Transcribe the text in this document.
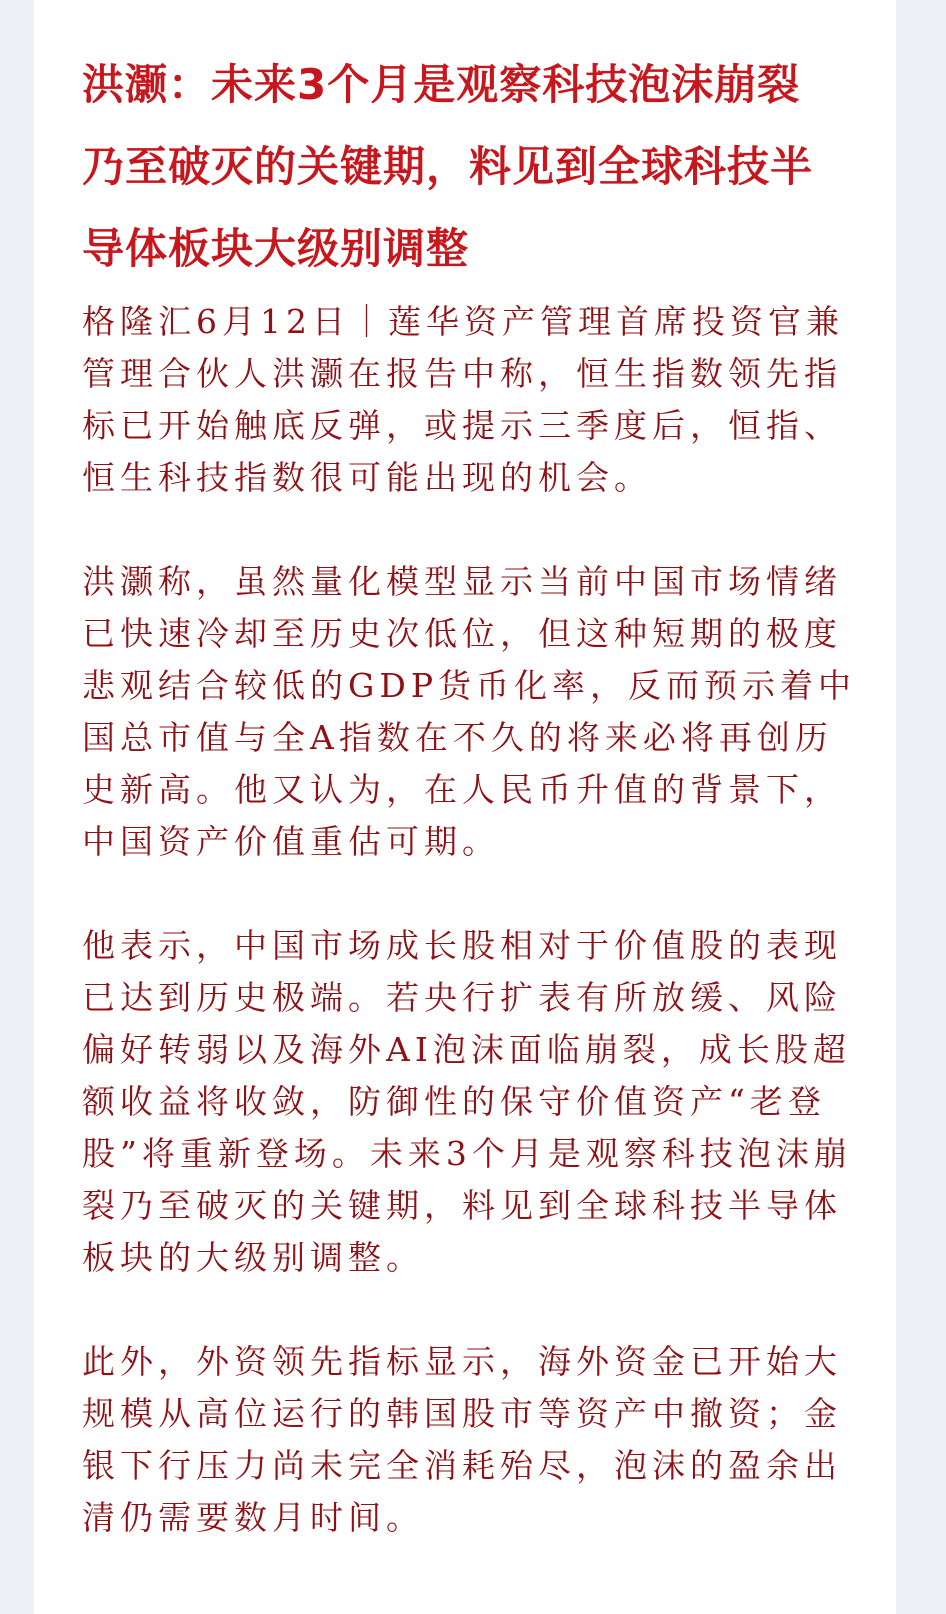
洪灏：未来3个月是观察科技泡沫崩裂乃至破灭的关键期，料见到全球科技半导体板块大级别调整

格隆汇6月12日｜莲华资产管理首席投资官兼管理合伙人洪灏在报告中称，恒生指数领先指标已开始触底反弹，或提示三季度后，恒指、恒生科技指数很可能出现的机会。

洪灏称，虽然量化模型显示当前中国市场情绪已快速冷却至历史次低位，但这种短期的极度悲观结合较低的GDP货币化率，反而预示着中国总市值与全A指数在不久的将来必将再创历史新高。他又认为，在人民币升值的背景下，中国资产价值重估可期。

他表示，中国市场成长股相对于价值股的表现已达到历史极端。若央行扩表有所放缓、风险偏好转弱以及海外AI泡沫面临崩裂，成长股超额收益将收敛，防御性的保守价值资产“老登股”将重新登场。未来3个月是观察科技泡沫崩裂乃至破灭的关键期，料见到全球科技半导体板块的大级别调整。

此外，外资领先指标显示，海外资金已开始大规模从高位运行的韩国股市等资产中撤资；金银下行压力尚未完全消耗殆尽，泡沫的盈余出清仍需要数月时间。
